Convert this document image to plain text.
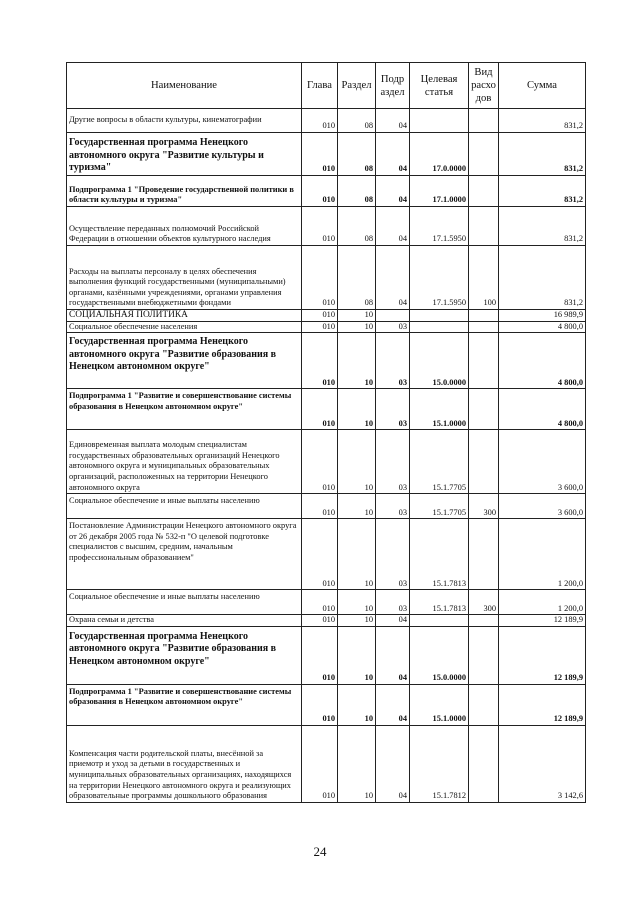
Наименование	Глава	Раздел	Подр аздел	Целевая статья	Вид расхо дов	Сумма
Другие вопросы в области культуры, кинематографии	010	08	04			831,2
Государственная программа Ненецкого автономного округа "Развитие культуры и туризма"	010	08	04	17.0.0000		831,2
Подпрограмма 1 "Проведение государственной политики в области культуры и туризма"	010	08	04	17.1.0000		831,2
Осуществление переданных полномочий Российской Федерации в отношении объектов культурного наследия	010	08	04	17.1.5950		831,2
Расходы на выплаты персоналу в целях обеспечения выполнения функций государственными (муниципальными) органами, казёнными учреждениями, органами управления государственными внебюджетными фондами	010	08	04	17.1.5950	100	831,2
СОЦИАЛЬНАЯ ПОЛИТИКА	010	10				16 989,9
Социальное обеспечение населения	010	10	03			4 800,0
Государственная программа Ненецкого автономного округа "Развитие образования в Ненецком автономном округе"	010	10	03	15.0.0000		4 800,0
Подпрограмма 1 "Развитие и совершенствование системы образования в Ненецком автономном округе"	010	10	03	15.1.0000		4 800,0
Единовременная выплата молодым специалистам государственных образовательных организаций Ненецкого автономного округа и муниципальных образовательных организаций, расположенных на территории Ненецкого автономного округа	010	10	03	15.1.7705		3 600,0
Социальное обеспечение и иные выплаты населению	010	10	03	15.1.7705	300	3 600,0
Постановление Администрации Ненецкого автономного округа от 26 декабря 2005 года № 532-п "О целевой подготовке специалистов с высшим, средним, начальным профессиональным образованием"	010	10	03	15.1.7813		1 200,0
Социальное обеспечение и иные выплаты населению	010	10	03	15.1.7813	300	1 200,0
Охрана семьи и детства	010	10	04			12 189,9
Государственная программа Ненецкого автономного округа "Развитие образования в Ненецком автономном округе"	010	10	04	15.0.0000		12 189,9
Подпрограмма 1 "Развитие и совершенствование системы образования в Ненецком автономном округе"	010	10	04	15.1.0000		12 189,9
Компенсация части родительской платы, внесённой за приемотр и уход за детьми в государственных и муниципальных образовательных организациях, находящихся на территории Ненецкого автономного округа и реализующих образовательные программы дошкольного образования	010	10	04	15.1.7812		3 142,6
24
